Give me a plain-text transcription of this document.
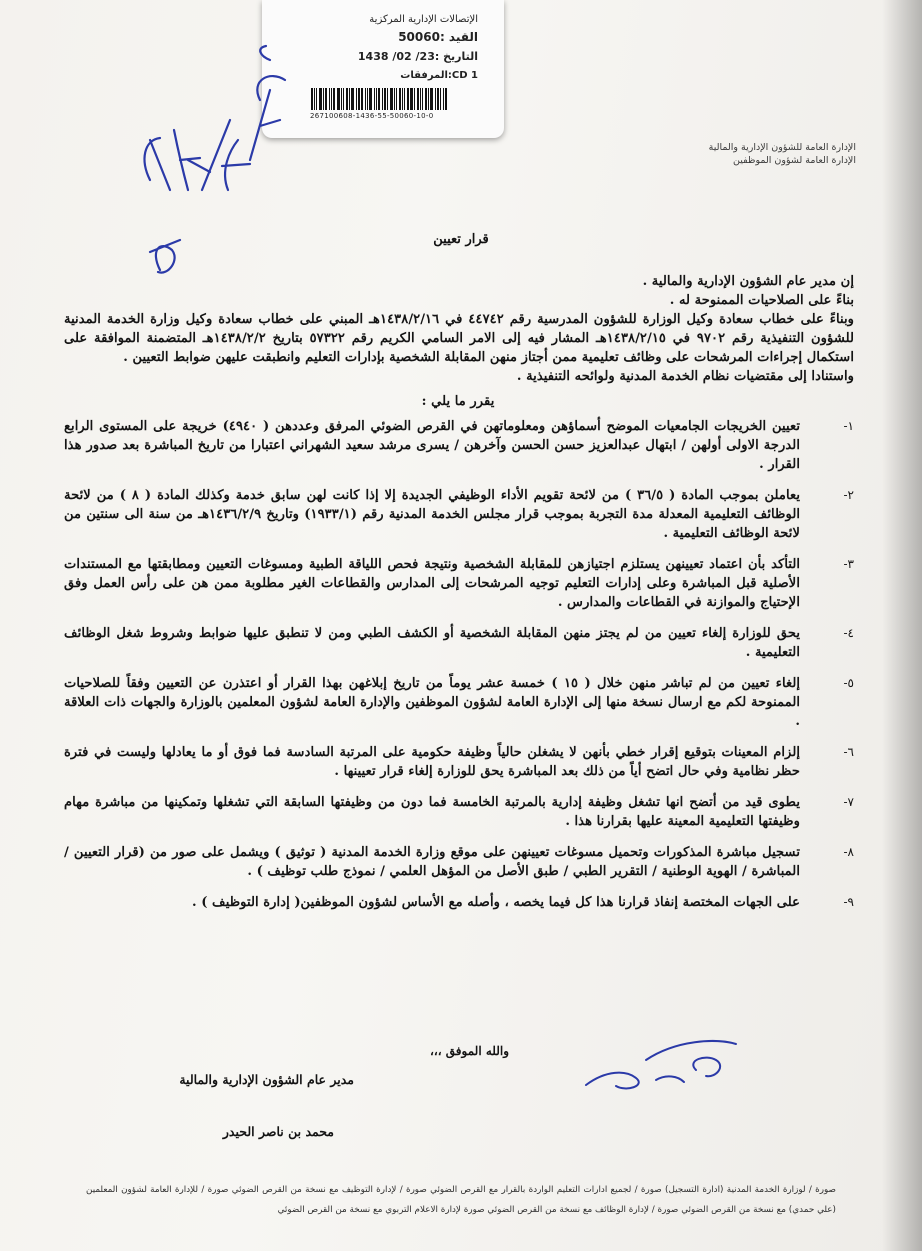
الإتصالات الإدارية المركزية
القيد :50060
التاريخ :23/ 02/ 1438
المرفقات:CD 1
267100608-1436-55-50060-10-0
الإدارة العامة للشؤون الإدارية والمالية
الإدارة العامة لشؤون الموظفين
قرار تعيين

إن مدير عام الشؤون الإدارية والمالية .

بناءً على الصلاحيات الممنوحة له .

وبناءً على خطاب سعادة وكيل الوزارة للشؤون المدرسية رقم ٤٤٧٤٢ في ١٤٣٨/٢/١٦هـ المبني على خطاب سعادة وكيل وزارة الخدمة المدنية للشؤون التنفيذية رقم ٩٧٠٢ في ١٤٣٨/٢/١٥هـ المشار فيه إلى الامر السامي الكريم رقم ٥٧٣٢٢ بتاريخ ١٤٣٨/٢/٢هـ المتضمنة الموافقة على استكمال إجراءات المرشحات على وظائف تعليمية ممن أجتاز منهن المقابلة الشخصية بإدارات التعليم وانطبقت عليهن ضوابط التعيين .

واستنادا إلى مقتضيات نظام الخدمة المدنية ولوائحه التنفيذية .

يقرر ما يلي :

١-
تعيين الخريجات الجامعيات الموضح أسماؤهن ومعلوماتهن في القرص الضوئي المرفق وعددهن ( ٤٩٤٠) خريجة على المستوى الرابع الدرجة الاولى أولهن / ابتهال عبدالعزيز حسن الحسن وآخرهن / يسرى مرشد سعيد الشهراني اعتبارا من تاريخ المباشرة بعد صدور هذا القرار .
٢-
يعاملن بموجب المادة ( ٣٦/٥ ) من لائحة تقويم الأداء الوظيفي الجديدة إلا إذا كانت لهن سابق خدمة وكذلك المادة ( ٨ ) من لائحة الوظائف التعليمية المعدلة مدة التجربة بموجب قرار مجلس الخدمة المدنية رقم (١٩٣٣/١) وتاريخ ١٤٣٦/٢/٩هـ من سنة الى سنتين من لائحة الوظائف التعليمية .
٣-
التأكد بأن اعتماد تعيينهن يستلزم اجتيازهن للمقابلة الشخصية ونتيجة فحص اللياقة الطبية ومسوغات التعيين ومطابقتها مع المستندات الأصلية قبل المباشرة وعلى إدارات التعليم توجيه المرشحات إلى المدارس والقطاعات الغير مطلوبة ممن هن على رأس العمل وفق الإحتياج والموازنة في القطاعات والمدارس .
٤-
يحق للوزارة إلغاء تعيين من لم يجتز منهن المقابلة الشخصية أو الكشف الطبي ومن لا تنطبق عليها ضوابط وشروط شغل الوظائف التعليمية .
٥-
إلغاء تعيين من لم تباشر منهن خلال ( ١٥ ) خمسة عشر يوماً من تاريخ إبلاغهن بهذا القرار أو اعتذرن عن التعيين وفقاً للصلاحيات الممنوحة لكم مع ارسال نسخة منها إلى الإدارة العامة لشؤون الموظفين والإدارة العامة لشؤون المعلمين بالوزارة والجهات ذات العلاقة .
٦-
إلزام المعينات بتوقيع إقرار خطي بأنهن لا يشغلن حالياً وظيفة حكومية على المرتبة السادسة فما فوق أو ما يعادلها وليست في فترة حظر نظامية وفي حال اتضح أياً من ذلك بعد المباشرة يحق للوزارة إلغاء قرار تعيينها .
٧-
يطوى قيد من أتضح انها تشغل وظيفة إدارية بالمرتبة الخامسة فما دون من وظيفتها السابقة التي تشغلها وتمكينها من مباشرة مهام وظيفتها التعليمية المعينة عليها بقرارنا هذا .
٨-
تسجيل مباشرة المذكورات وتحميل مسوغات تعيينهن على موقع وزارة الخدمة المدنية ( توثيق ) ويشمل على صور من (قرار التعيين / المباشرة / الهوية الوطنية / التقرير الطبي / طبق الأصل من المؤهل العلمي / نموذج طلب توظيف ) .
٩-
على الجهات المختصة إنفاذ قرارنا هذا كل فيما يخصه ، وأصله مع الأساس لشؤون الموظفين( إدارة التوظيف ) .
والله الموفق ،،،
مدير عام الشؤون الإدارية والمالية
محمد بن ناصر الحيدر
صورة / لوزارة الخدمة المدنية (ادارة التسجيل) صورة / لجميع ادارات التعليم الواردة بالقرار مع القرص الضوئي صورة / لإدارة التوظيف مع نسخة من القرص الضوئي صورة / للإدارة العامة لشؤون المعلمين (علي حمدي) مع نسخة من القرص الضوئي صورة / لإدارة الوظائف مع نسخة من القرص الضوئي صورة لإدارة الاعلام التربوي مع نسخة من القرص الضوئي
